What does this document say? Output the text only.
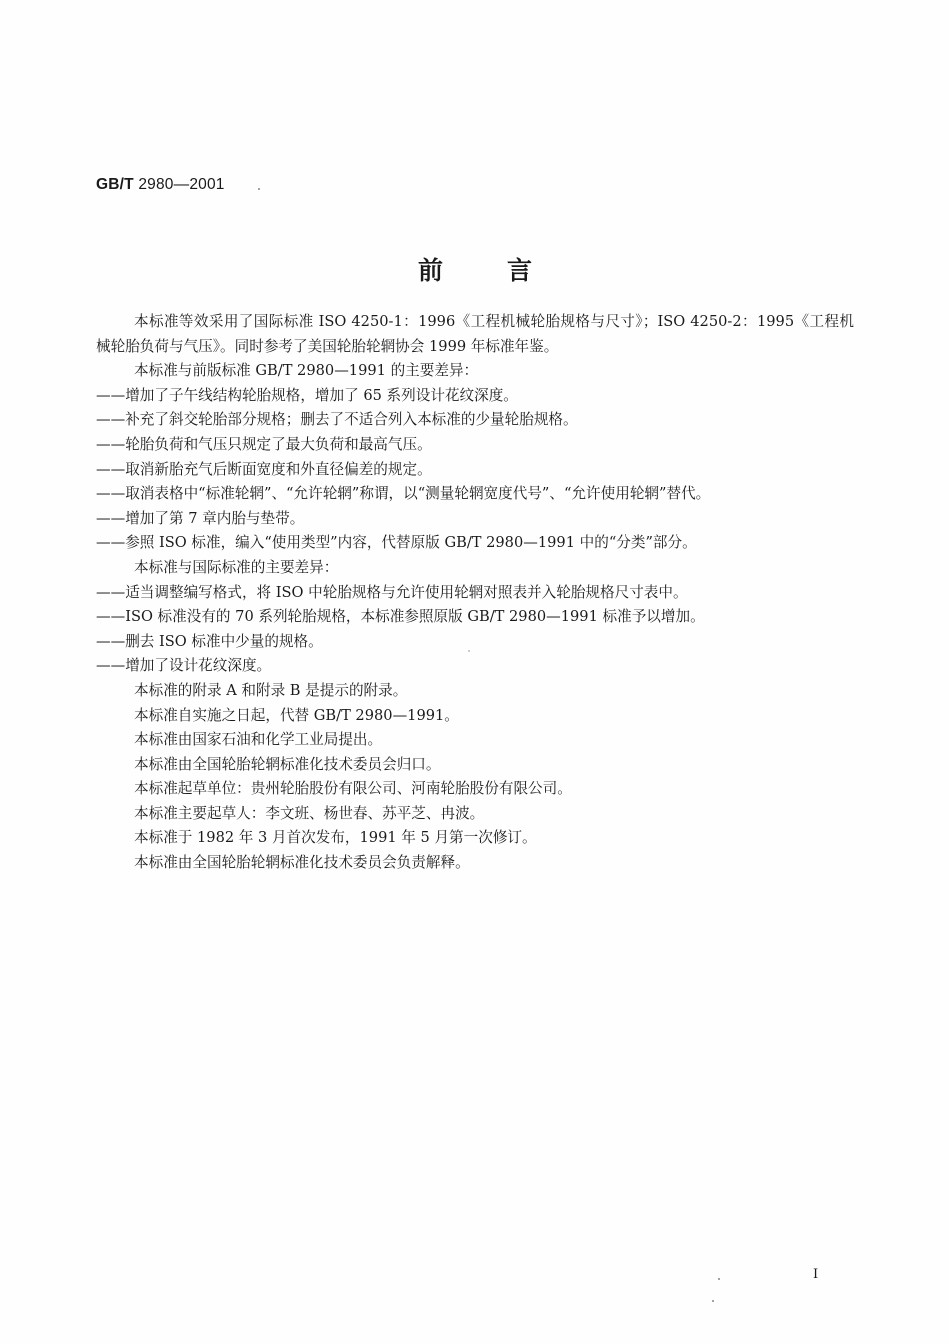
GB/T 2980—2001
前言

本标准等效采用了国际标准 ISO 4250-1：1996《工程机械轮胎规格与尺寸》；ISO 4250-2：1995《工程机械轮胎负荷与气压》。同时参考了美国轮胎轮辋协会 1999 年标准年鉴。

本标准与前版标准 GB/T 2980—1991 的主要差异：

——增加了子午线结构轮胎规格，增加了 65 系列设计花纹深度。

——补充了斜交轮胎部分规格；删去了不适合列入本标准的少量轮胎规格。

——轮胎负荷和气压只规定了最大负荷和最高气压。

——取消新胎充气后断面宽度和外直径偏差的规定。

——取消表格中“标准轮辋”、“允许轮辋”称谓，以“测量轮辋宽度代号”、“允许使用轮辋”替代。

——增加了第 7 章内胎与垫带。

——参照 ISO 标准，编入“使用类型”内容，代替原版 GB/T 2980—1991 中的“分类”部分。

本标准与国际标准的主要差异：

——适当调整编写格式，将 ISO 中轮胎规格与允许使用轮辋对照表并入轮胎规格尺寸表中。

——ISO 标准没有的 70 系列轮胎规格，本标准参照原版 GB/T 2980—1991 标准予以增加。

——删去 ISO 标准中少量的规格。

——增加了设计花纹深度。

本标准的附录 A 和附录 B 是提示的附录。

本标准自实施之日起，代替 GB/T 2980—1991。

本标准由国家石油和化学工业局提出。

本标准由全国轮胎轮辋标准化技术委员会归口。

本标准起草单位：贵州轮胎股份有限公司、河南轮胎股份有限公司。

本标准主要起草人：李文班、杨世春、苏平芝、冉波。

本标准于 1982 年 3 月首次发布，1991 年 5 月第一次修订。

本标准由全国轮胎轮辋标准化技术委员会负责解释。

I
